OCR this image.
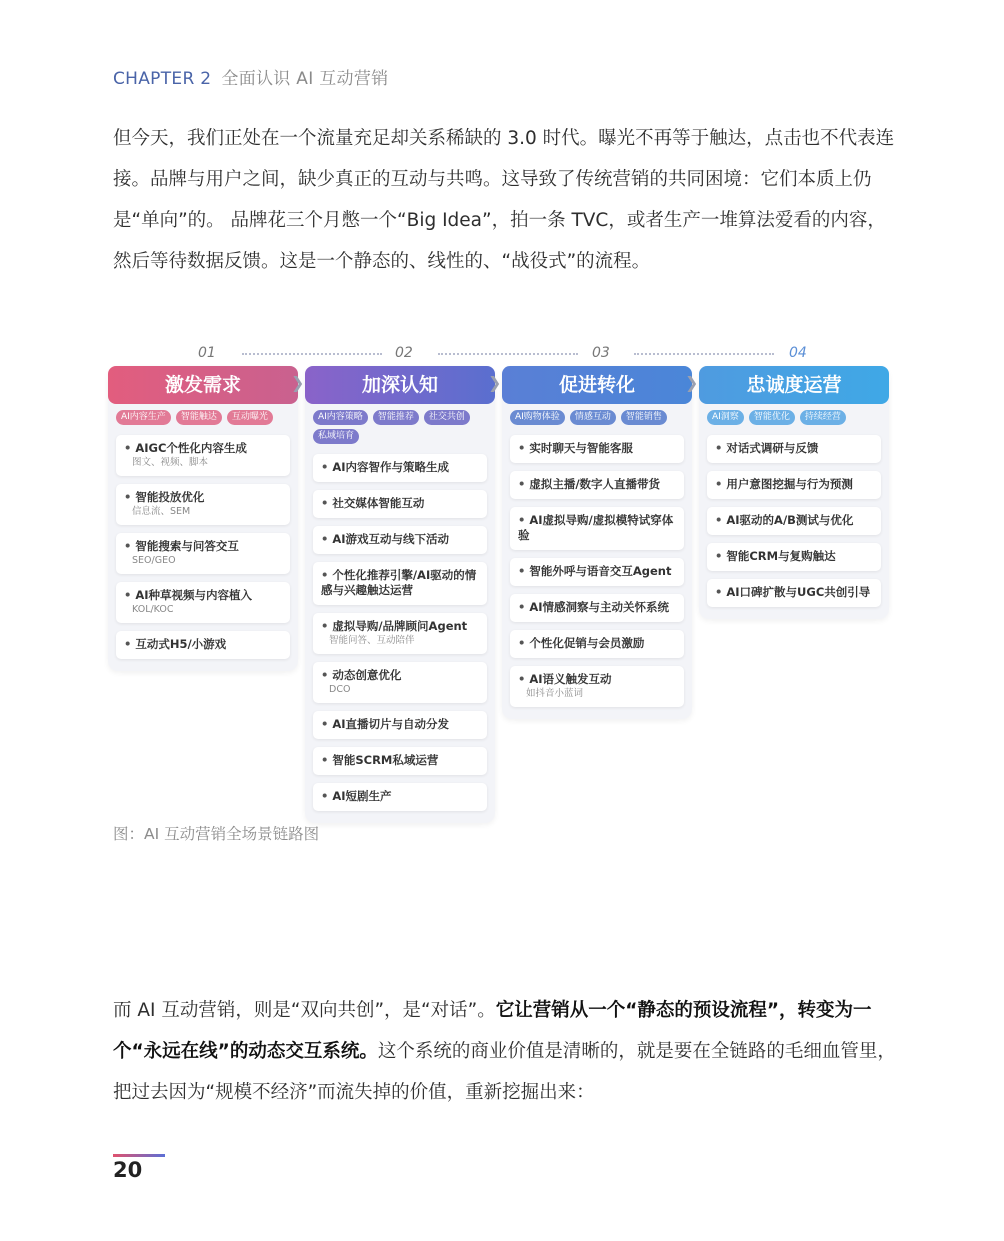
CHAPTER 2 全面认识 AI 互动营销

但今天，我们正处在一个流量充足却关系稀缺的 3.0 时代。曝光不再等于触达，点击也不代表连接。品牌与用户之间，缺少真正的互动与共鸣。这导致了传统营销的共同困境：它们本质上仍是“单向”的。 品牌花三个月憋一个“Big Idea”，拍一条 TVC，或者生产一堆算法爱看的内容，然后等待数据反馈。这是一个静态的、线性的、“战役式”的流程。

01
激发需求
AI内容生产	智能触达	互动曝光
• AIGC个性化内容生成
图文、视频、脚本
• 智能投放优化
信息流、SEM
• 智能搜索与问答交互
SEO/GEO
• AI种草视频与内容植入
KOL/KOC
• 互动式H5/小游戏
❯
02
加深认知
AI内容策略	智能推荐	社交共创
私域培育
• AI内容智作与策略生成
• 社交媒体智能互动
• AI游戏互动与线下活动
• 个性化推荐引擎/AI驱动的情感与兴趣触达运营
• 虚拟导购/品牌顾问Agent
智能问答、互动陪伴
• 动态创意优化
DCO
• AI直播切片与自动分发
• 智能SCRM私域运营
• AI短剧生产
❯
03
促进转化
AI购物体验	情感互动	智能销售
• 实时聊天与智能客服
• 虚拟主播/数字人直播带货
• AI虚拟导购/虚拟模特试穿体验
• 智能外呼与语音交互Agent
• AI情感洞察与主动关怀系统
• 个性化促销与会员激励
• AI语义触发互动
如抖音小蓝词
❯
04
忠诚度运营
AI洞察	智能优化	持续经营
• 对话式调研与反馈
• 用户意图挖掘与行为预测
• AI驱动的A/B测试与优化
• 智能CRM与复购触达
• AI口碑扩散与UGC共创引导
图：AI 互动营销全场景链路图

而 AI 互动营销，则是“双向共创”，是“对话”。它让营销从一个“静态的预设流程”，转变为一个“永远在线”的动态交互系统。这个系统的商业价值是清晰的，就是要在全链路的毛细血管里，把过去因为“规模不经济”而流失掉的价值，重新挖掘出来：

20
